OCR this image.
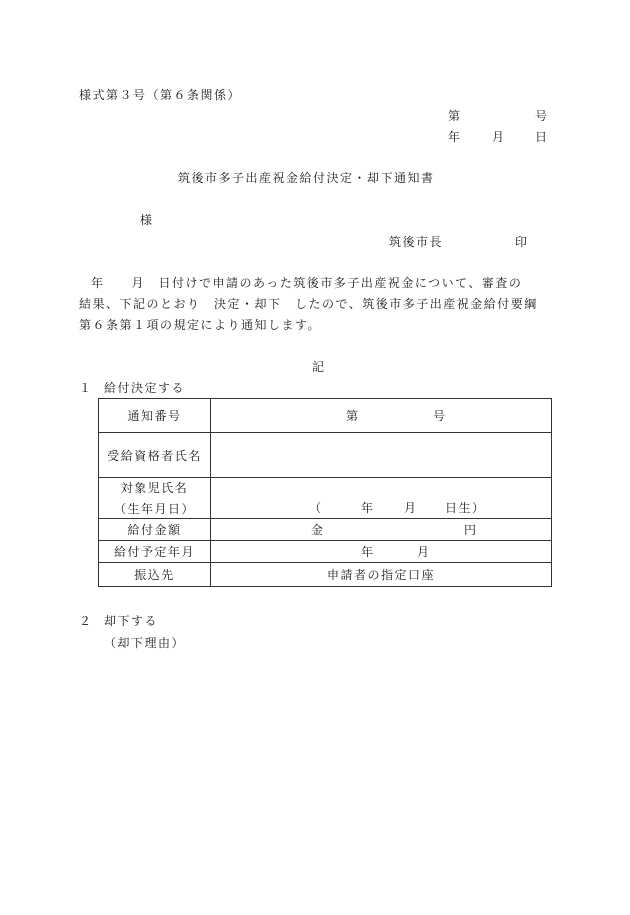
様式第３号（第６条関係）
第	号
年	月	日
筑後市多子出産祝金給付決定・却下通知書
様
筑後市長	印
年　　月　日付けで申請のあった筑後市多子出産祝金について、審査の
結果、下記のとおり　決定・却下　したので、筑後市多子出産祝金給付要綱
第６条第１項の規定により通知します。
記
１ 給付決定する
通知番号	第	号
受給資格者氏名
対象児氏名
（生年月日）	（	年	月 日生）
給付金額	金	円
給付予定年月	年	月
振込先	申請者の指定口座
２ 却下する
（却下理由）
